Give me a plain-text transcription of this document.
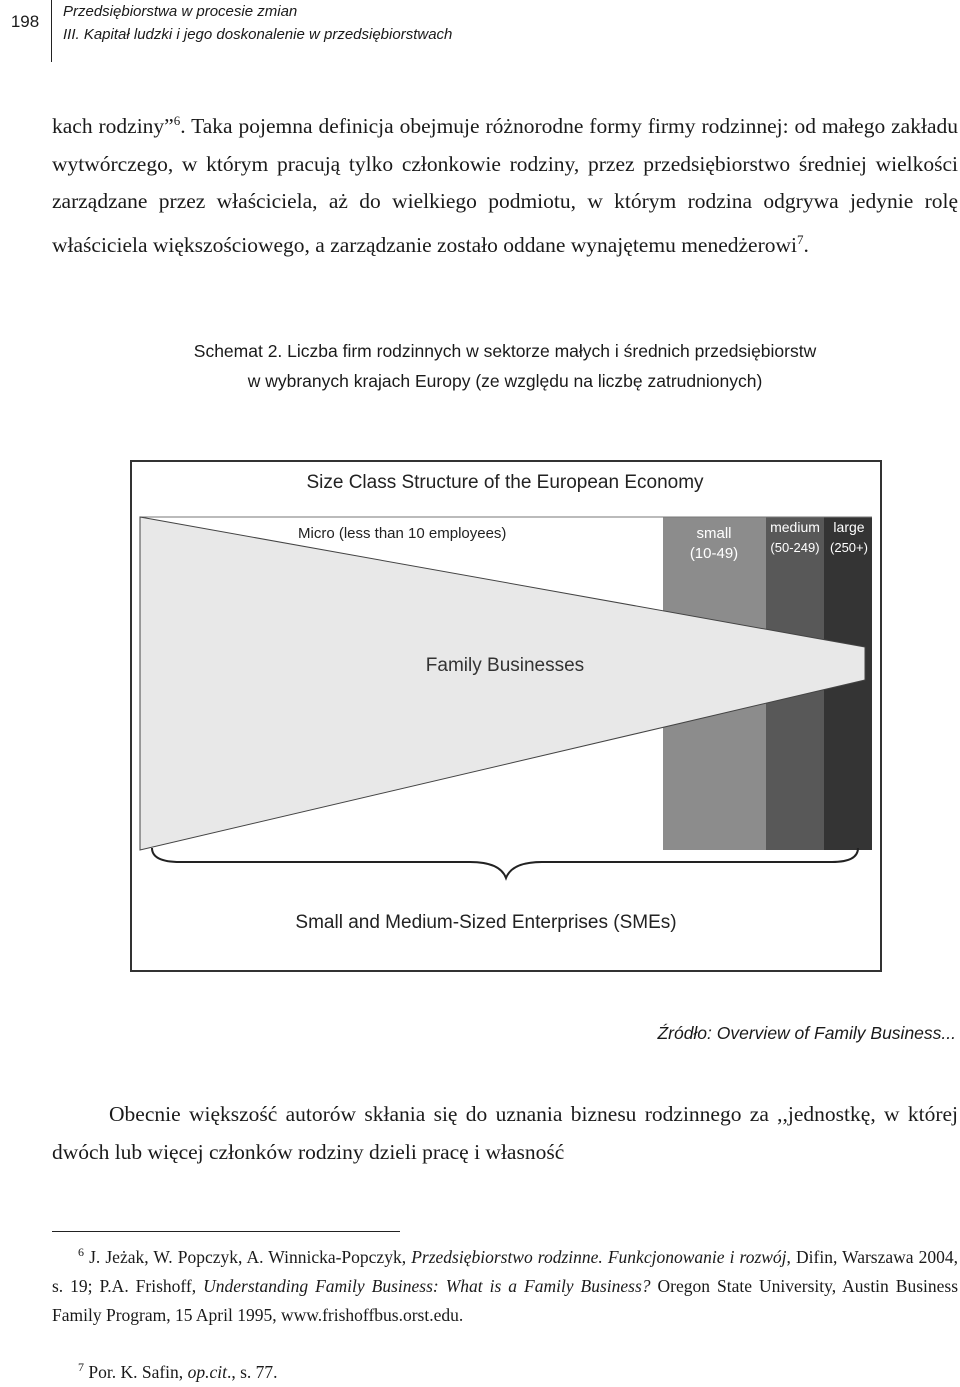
198
Przedsiębiorstwa w procesie zmian
III. Kapitał ludzki i jego doskonalenie w przedsiębiorstwach

kach rodziny”$^6$. Taka pojemna definicja obejmuje różnorodne formy firmy rodzinnej: od małego zakładu wytwórczego, w którym pracują tylko członkowie rodziny, przez przedsiębiorstwo średniej wielkości zarządzane przez właściciela, aż do wielkiego podmiotu, w którym rodzina odgrywa jedynie rolę właściciela większościowego, a zarządzanie zostało oddane wynajętemu menedżerowi$^7$.

Schemat 2. Liczba firm rodzinnych w sektorze małych i średnich przedsiębiorstw
w wybranych krajach Europy (ze względu na liczbę zatrudnionych)
Size Class Structure of the European Economy
Micro (less than 10 employees)	small
(10-49)
medium
(50-249)
large
(250+)
Family Businesses
Small and Medium-Sized Enterprises (SMEs)
Źródło: Overview of Family Business...

Obecnie większość autorów skłania się do uznania biznesu rodzinnego za ,,jednostkę, w której dwóch lub więcej członków rodziny dzieli pracę i własność

$^6$ J. Jeżak, W. Popczyk, A. Winnicka-Popczyk, Przedsiębiorstwo rodzinne. Funkcjonowanie i rozwój, Difin, Warszawa 2004, s. 19; P.A. Frishoff, Understanding Family Business: What is a Family Business? Oregon State University, Austin Business Family Program, 15 April 1995, www.frishoffbus.orst.edu.
$^7$ Por. K. Safin, op.cit., s. 77.
